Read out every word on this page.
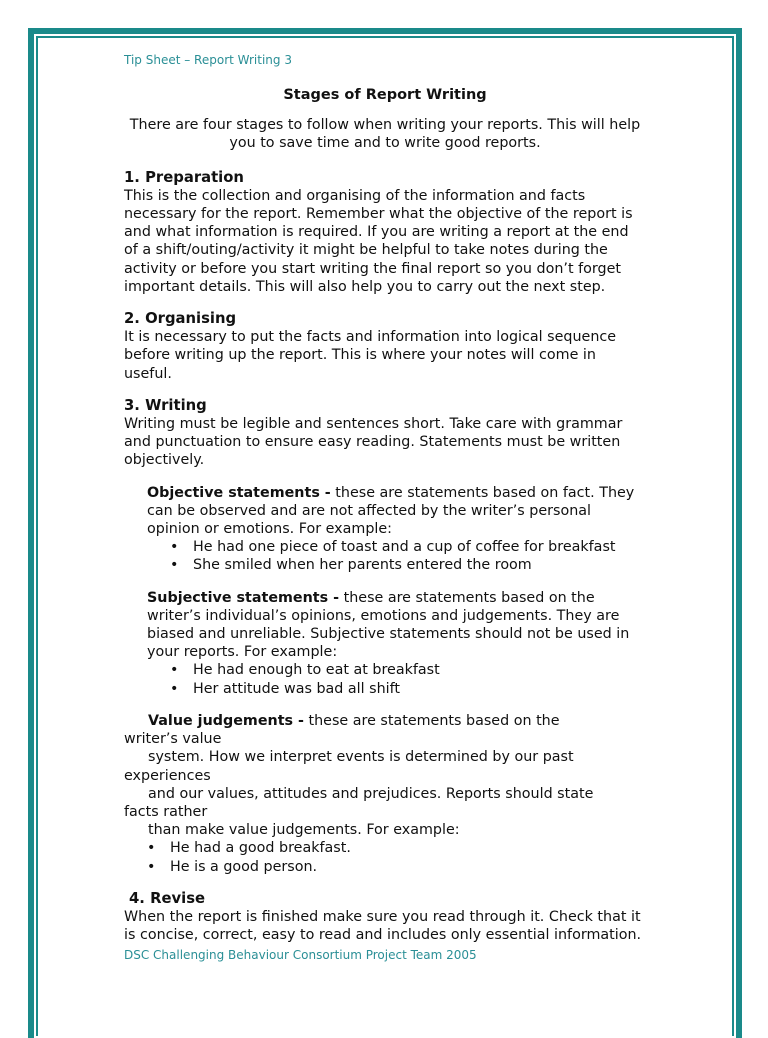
Tip Sheet – Report Writing 3

Stages of Report Writing

There are four stages to follow when writing your reports. This will help you to save time and to write good reports.

1. Preparation

This is the collection and organising of the information and facts necessary for the report. Remember what the objective of the report is and what information is required. If you are writing a report at the end of a shift/outing/activity it might be helpful to take notes during the activity or before you start writing the final report so you don’t forget important details. This will also help you to carry out the next step.

2. Organising

It is necessary to put the facts and information into logical sequence before writing up the report. This is where your notes will come in useful.

3. Writing

Writing must be legible and sentences short. Take care with grammar and punctuation to ensure easy reading. Statements must be written objectively.

Objective statements - these are statements based on fact. They can be observed and are not affected by the writer’s personal opinion or emotions. For example:
• He had one piece of toast and a cup of coffee for breakfast
• She smiled when her parents entered the room
Subjective statements - these are statements based on the writer’s individual’s opinions, emotions and judgements. They are biased and unreliable. Subjective statements should not be used in your reports. For example:
• He had enough to eat at breakfast
• Her attitude was bad all shift
Value judgements - these are statements based on the
writer’s value
system. How we interpret events is determined by our past
experiences
and our values, attitudes and prejudices. Reports should state
facts rather
than make value judgements. For example:
• He had a good breakfast.
• He is a good person.

4. Revise

When the report is finished make sure you read through it. Check that it is concise, correct, easy to read and includes only essential information.

DSC Challenging Behaviour Consortium Project Team 2005
